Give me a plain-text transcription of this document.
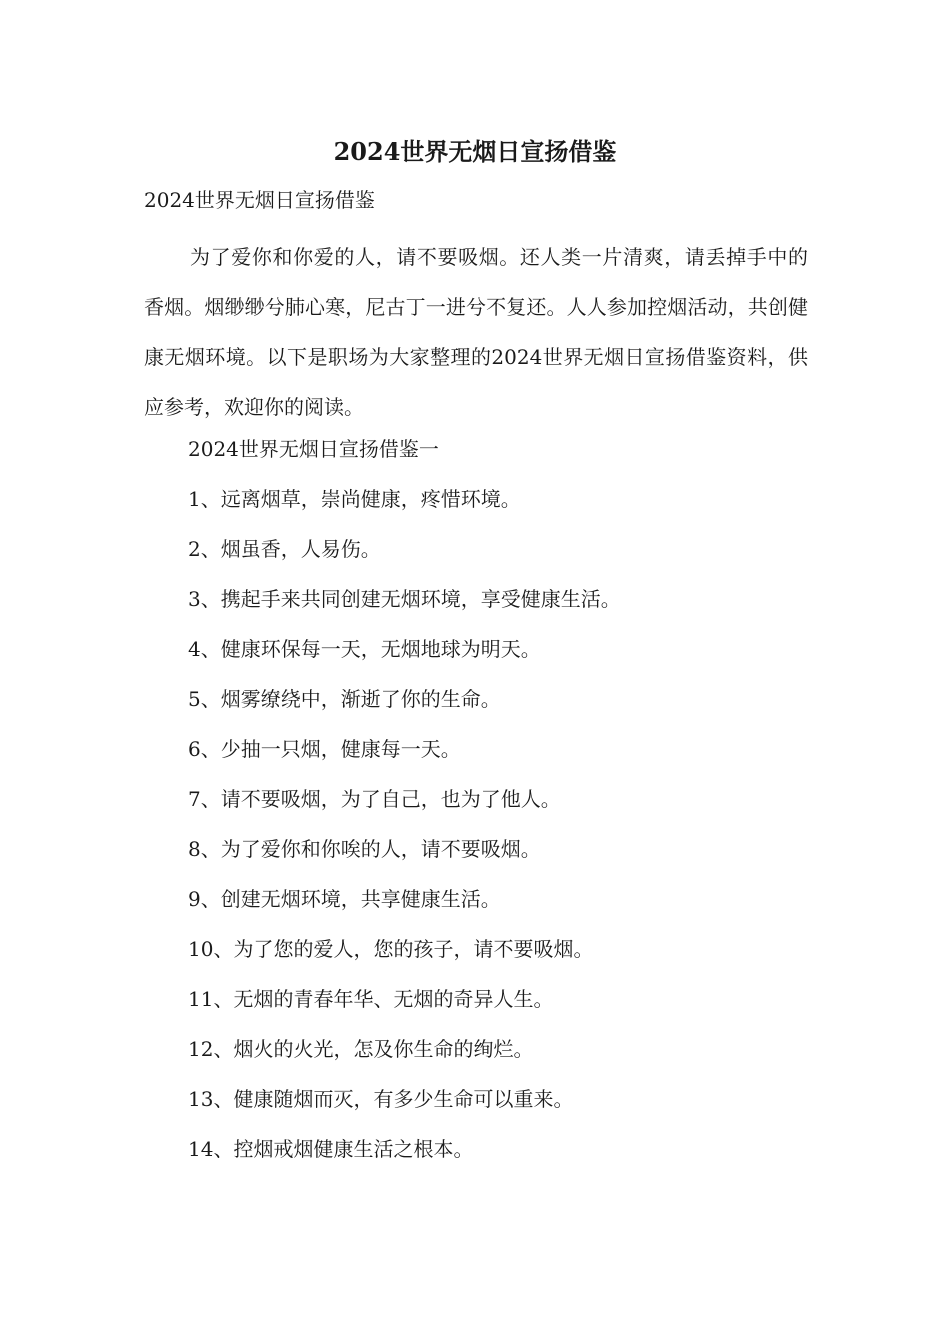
2024世界无烟日宣扬借鉴
2024世界无烟日宣扬借鉴

为了爱你和你爱的人，请不要吸烟。还人类一片清爽，请丢掉手中的香烟。烟缈缈兮肺心寒，尼古丁一进兮不复还。人人参加控烟活动，共创健康无烟环境。以下是职场为大家整理的2024世界无烟日宣扬借鉴资料，供应参考，欢迎你的阅读。

2024世界无烟日宣扬借鉴一
1、远离烟草，崇尚健康，疼惜环境。
2、烟虽香，人易伤。
3、携起手来共同创建无烟环境，享受健康生活。
4、健康环保每一天，无烟地球为明天。
5、烟雾缭绕中，渐逝了你的生命。
6、少抽一只烟，健康每一天。
7、请不要吸烟，为了自己，也为了他人。
8、为了爱你和你唉的人，请不要吸烟。
9、创建无烟环境，共享健康生活。
10、为了您的爱人，您的孩子，请不要吸烟。
11、无烟的青春年华、无烟的奇异人生。
12、烟火的火光，怎及你生命的绚烂。
13、健康随烟而灭，有多少生命可以重来。
14、控烟戒烟健康生活之根本。
